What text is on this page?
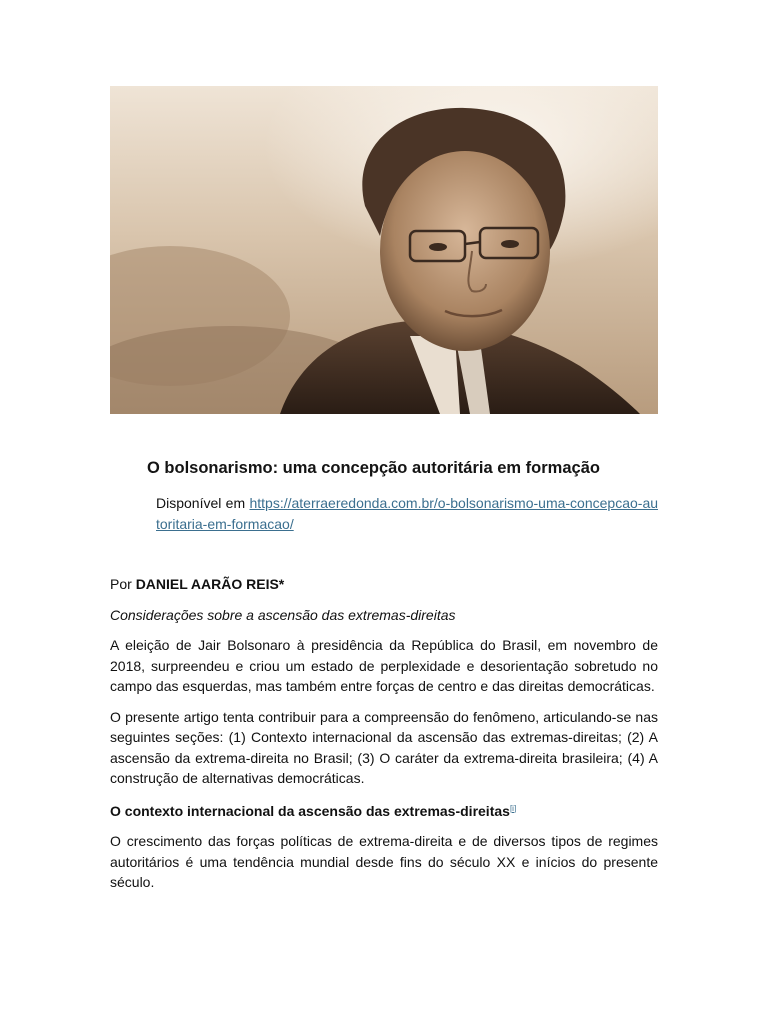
O bolsonarismo: uma concepção autoritária em formação
Disponível em https://aterraeredonda.com.br/o-bolsonarismo-uma-concepcao-autoritaria-em-formacao/

Por DANIEL AARÃO REIS*

Considerações sobre a ascensão das extremas-direitas

A eleição de Jair Bolsonaro à presidência da República do Brasil, em novembro de 2018, surpreendeu e criou um estado de perplexidade e desorientação sobretudo no campo das esquerdas, mas também entre forças de centro e das direitas democráticas.

O presente artigo tenta contribuir para a compreensão do fenômeno, articulando-se nas seguintes seções: (1) Contexto internacional da ascensão das extremas-direitas; (2) A ascensão da extrema-direita no Brasil; (3) O caráter da extrema-direita brasileira; (4) A construção de alternativas democráticas.

O contexto internacional da ascensão das extremas-direitas[i]

O crescimento das forças políticas de extrema-direita e de diversos tipos de regimes autoritários é uma tendência mundial desde fins do século XX e inícios do presente século.
